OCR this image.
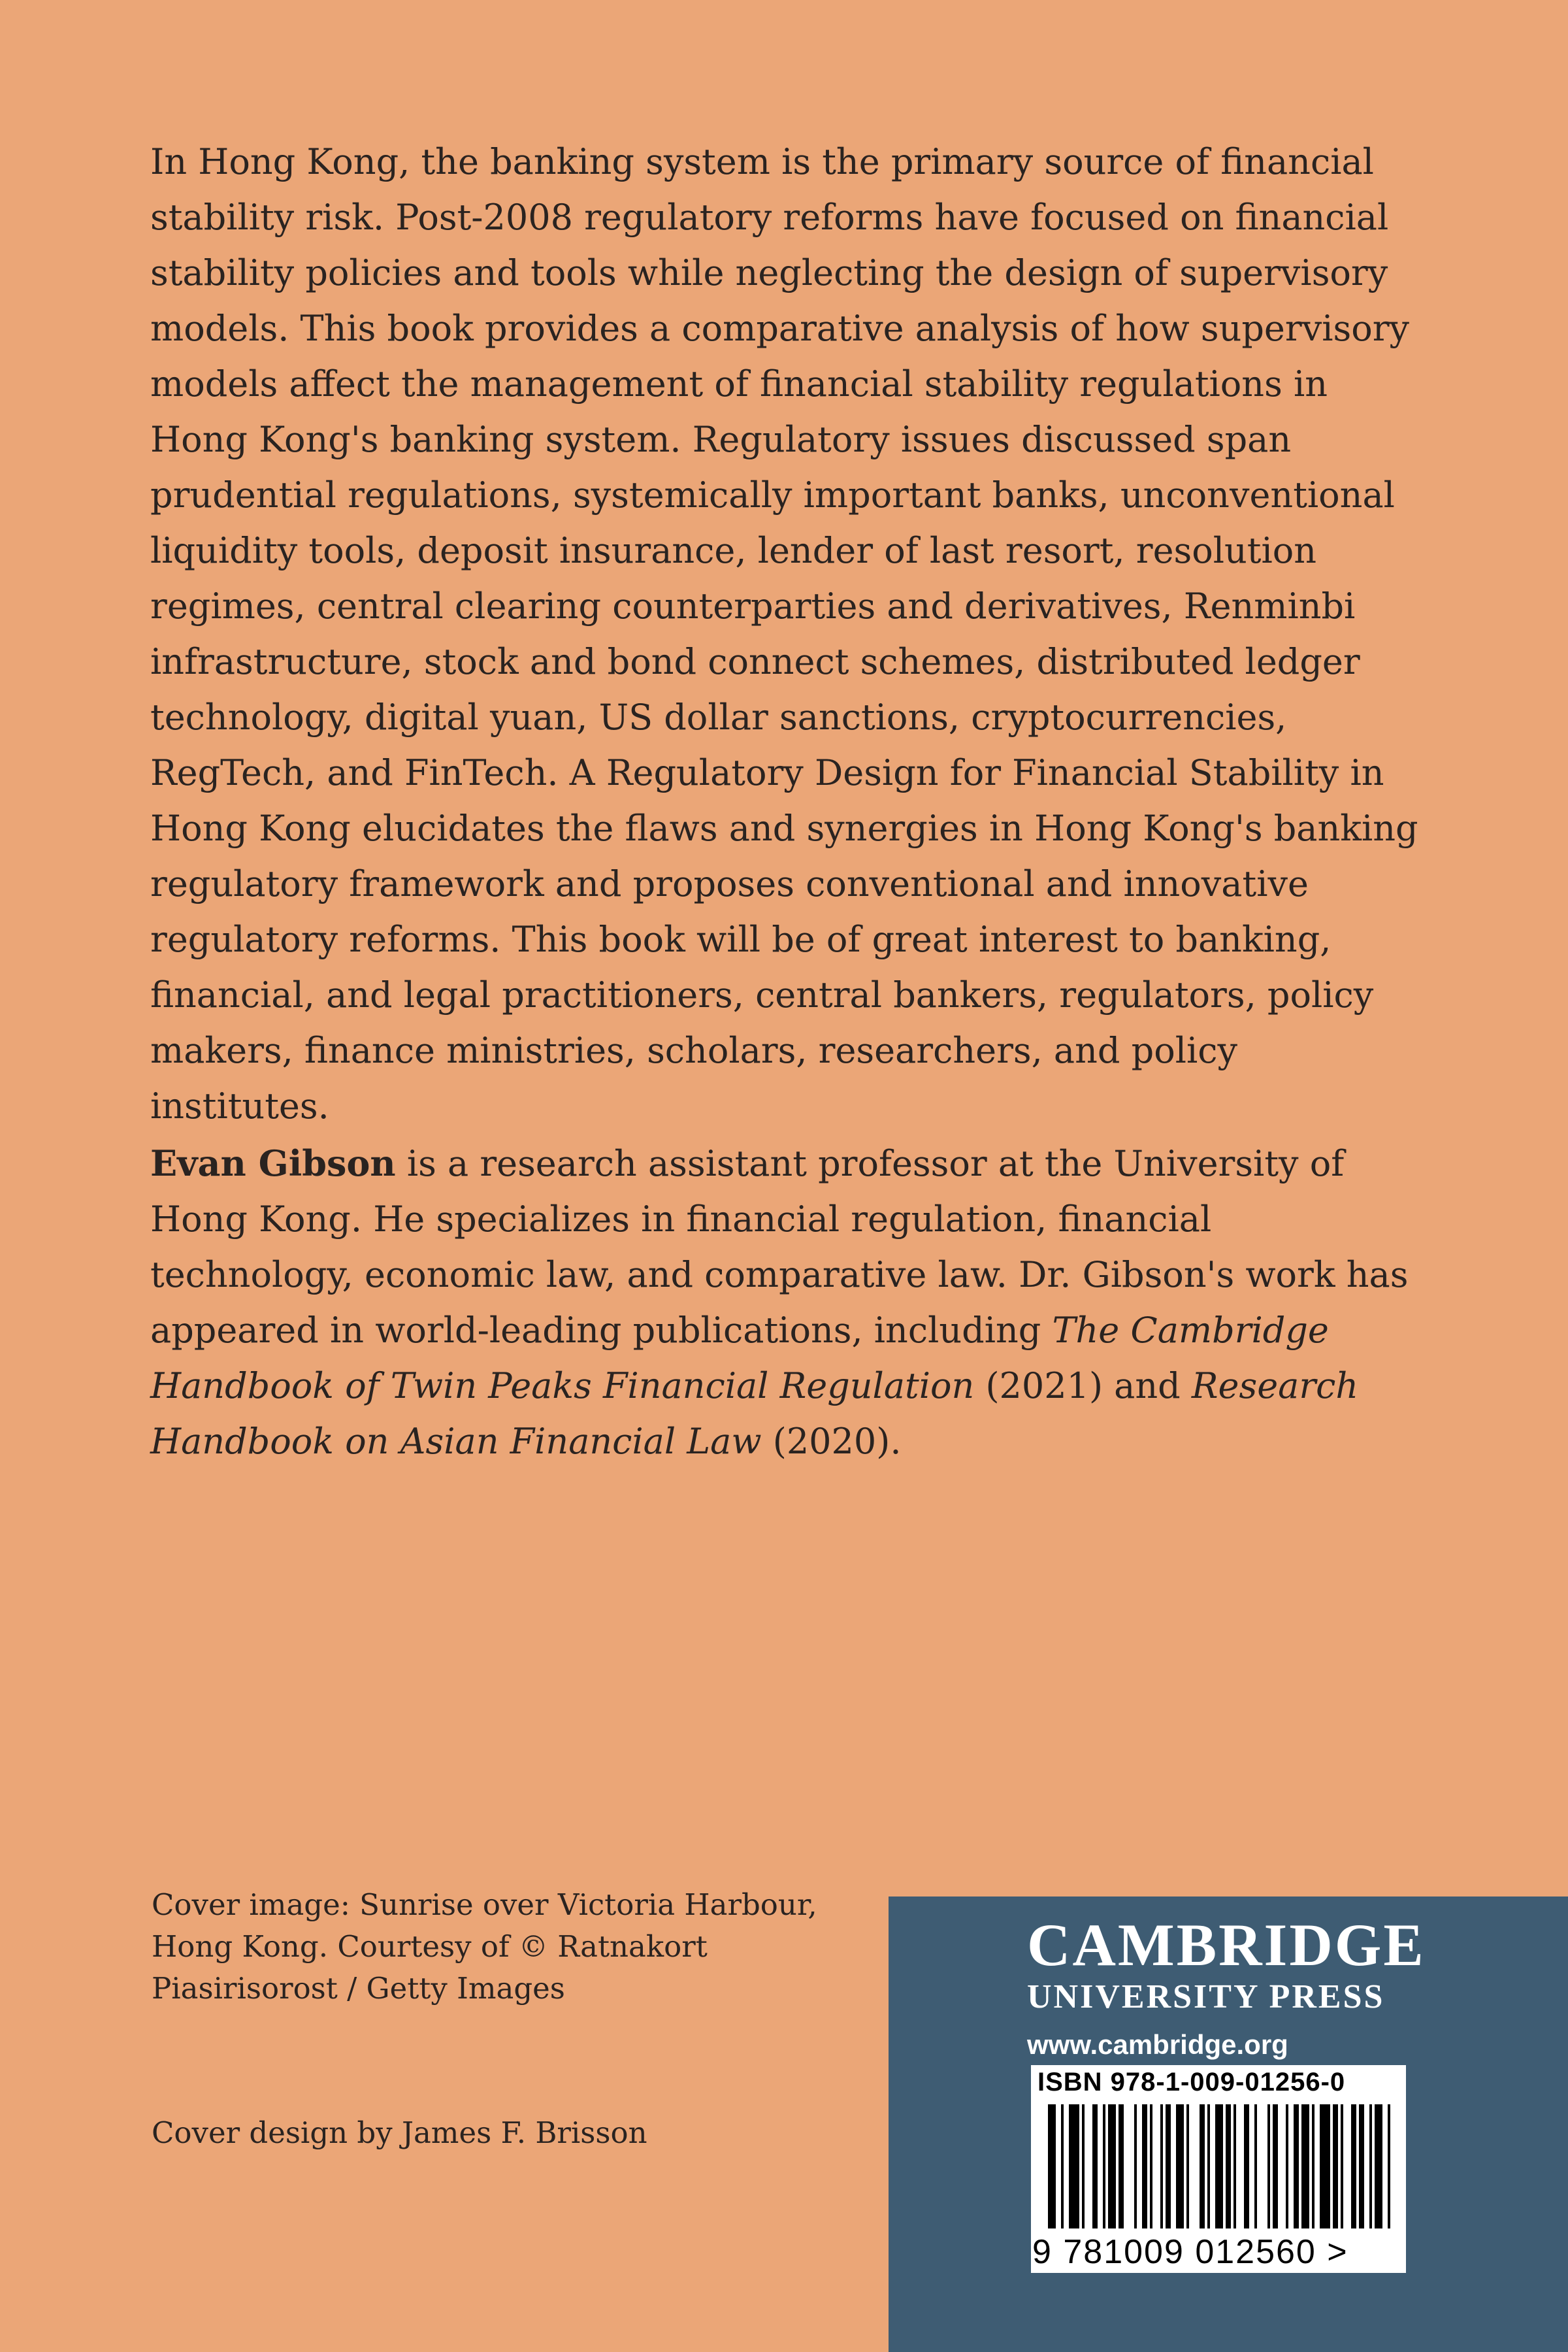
In Hong Kong, the banking system is the primary source of financial stability risk. Post-2008 regulatory reforms have focused on financial stability policies and tools while neglecting the design of supervisory models. This book provides a comparative analysis of how supervisory models affect the management of financial stability regulations in Hong Kong's banking system. Regulatory issues discussed span prudential regulations, systemically important banks, unconventional liquidity tools, deposit insurance, lender of last resort, resolution regimes, central clearing counterparties and derivatives, Renminbi infrastructure, stock and bond connect schemes, distributed ledger technology, digital yuan, US dollar sanctions, cryptocurrencies, RegTech, and FinTech. A Regulatory Design for Financial Stability in Hong Kong elucidates the flaws and synergies in Hong Kong's banking regulatory framework and proposes conventional and innovative regulatory reforms. This book will be of great interest to banking, financial, and legal practitioners, central bankers, regulators, policy makers, finance ministries, scholars, researchers, and policy institutes.

Evan Gibson is a research assistant professor at the University of Hong Kong. He specializes in financial regulation, financial technology, economic law, and comparative law. Dr. Gibson's work has appeared in world-leading publications, including The Cambridge Handbook of Twin Peaks Financial Regulation (2021) and Research Handbook on Asian Financial Law (2020).

Cover image: Sunrise over Victoria Harbour, Hong Kong. Courtesy of © Ratnakort Piasirisorost / Getty Images

Cover design by James F. Brisson

CAMBRIDGE
UNIVERSITY PRESS
www.cambridge.org
ISBN 978-1-009-01256-0
9 781009 012560 >
